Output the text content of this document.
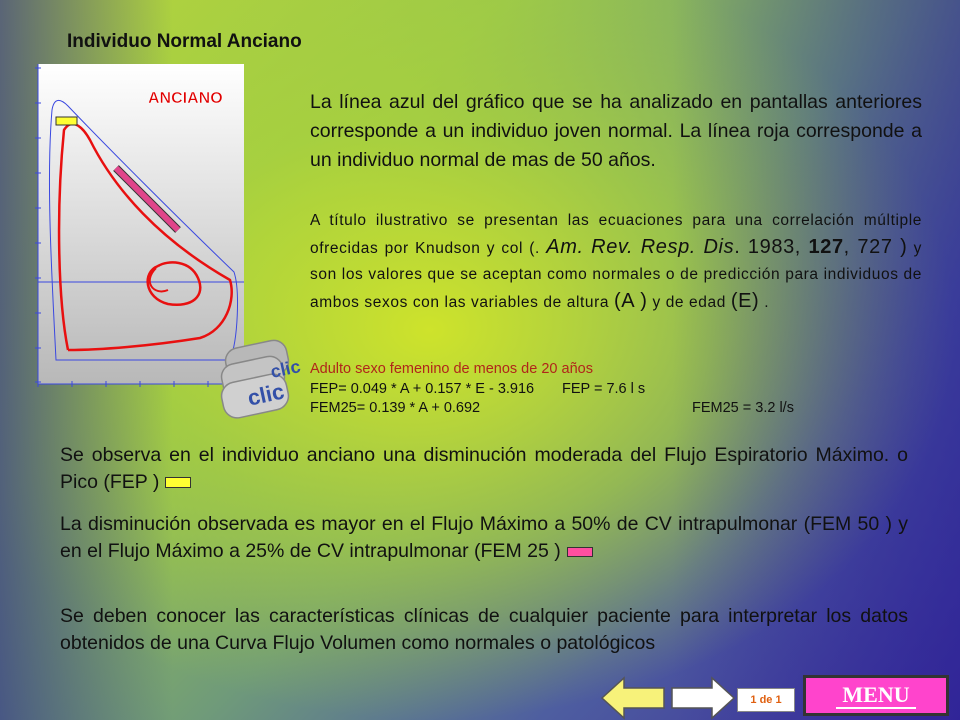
Individuo Normal Anciano
ANCIANO
clic
clic
La línea azul del gráfico que se ha analizado en pantallas anteriores corresponde a un individuo joven normal. La línea roja corresponde a un individuo normal de mas de 50 años.
A título ilustrativo se presentan las ecuaciones para una correlación múltiple ofrecidas por Knudson y col (. Am. Rev. Resp. Dis. 1983, 127, 727 ) y son los valores que se aceptan como normales o de predicción para individuos de ambos sexos con las variables de altura (A ) y de edad (E) .
Adulto sexo femenino de menos de 20 años
FEP= 0.049 * A + 0.157 * E - 3.916 FEP = 7.6 l s
FEM25= 0.139 * A + 0.692	FEM25 = 3.2 l/s
Se observa en el individuo anciano una disminución moderada del Flujo Espiratorio Máximo. o Pico (FEP )
La disminución observada es mayor en el Flujo Máximo a 50% de CV intrapulmonar (FEM 50 ) y en el Flujo Máximo a 25% de CV intrapulmonar (FEM 25 )
Se deben conocer las características clínicas de cualquier paciente para interpretar los datos obtenidos de una Curva Flujo Volumen como normales o patológicos
1 de 1	MENU
